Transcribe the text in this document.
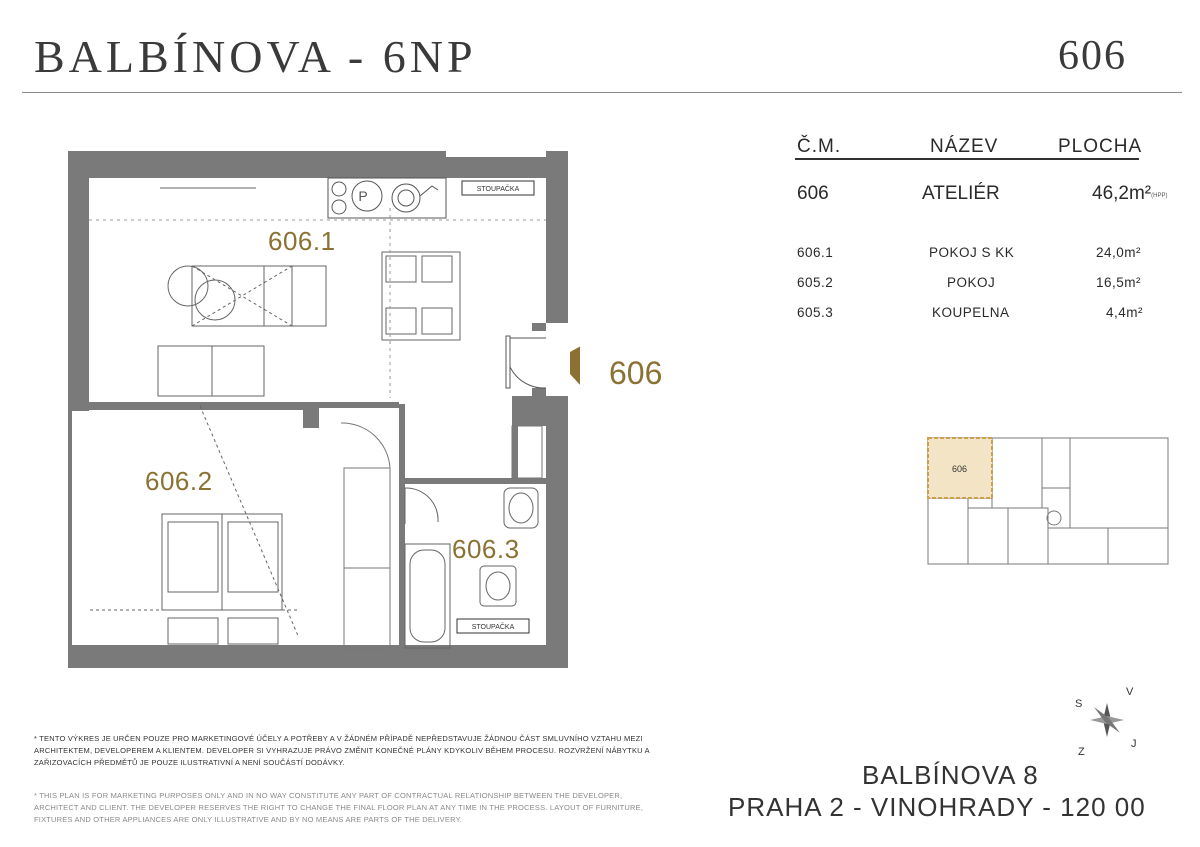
BALBÍNOVA - 6NP	606
Č.M.	NÁZEV	PLOCHA
606	ATELIÉR	46,2m²(HPP)
606.1	POKOJ S KK	24,0m²
605.2	POKOJ	16,5m²
605.3	KOUPELNA	4,4m²
P	STOUPAČKA
STOUPAČKA
606.1
606.2
606.3
606
606
S
V
J
Z
* TENTO VÝKRES JE URČEN POUZE PRO MARKETINGOVÉ ÚČELY A POTŘEBY A V ŽÁDNÉM PŘÍPADĚ NEPŘEDSTAVUJE ŽÁDNOU ČÁST SMLUVNÍHO VZTAHU MEZI ARCHITEKTEM, DEVELOPEREM A KLIENTEM. DEVELOPER SI VYHRAZUJE PRÁVO ZMĚNIT KONEČNÉ PLÁNY KDYKOLIV BĚHEM PROCESU. ROZVRŽENÍ NÁBYTKU A ZAŘIZOVACÍCH PŘEDMĚTŮ JE POUZE ILUSTRATIVNÍ A NENÍ SOUČÁSTÍ DODÁVKY.
* THIS PLAN IS FOR MARKETING PURPOSES ONLY AND IN NO WAY CONSTITUTE ANY PART OF CONTRACTUAL RELATIONSHIP BETWEEN THE DEVELOPER, ARCHITECT AND CLIENT. THE DEVELOPER RESERVES THE RIGHT TO CHANGE THE FINAL FLOOR PLAN AT ANY TIME IN THE PROCESS. LAYOUT OF FURNITURE, FIXTURES AND OTHER APPLIANCES ARE ONLY ILLUSTRATIVE AND BY NO MEANS ARE PARTS OF THE DELIVERY.
BALBÍNOVA 8
PRAHA 2 - VINOHRADY - 120 00
